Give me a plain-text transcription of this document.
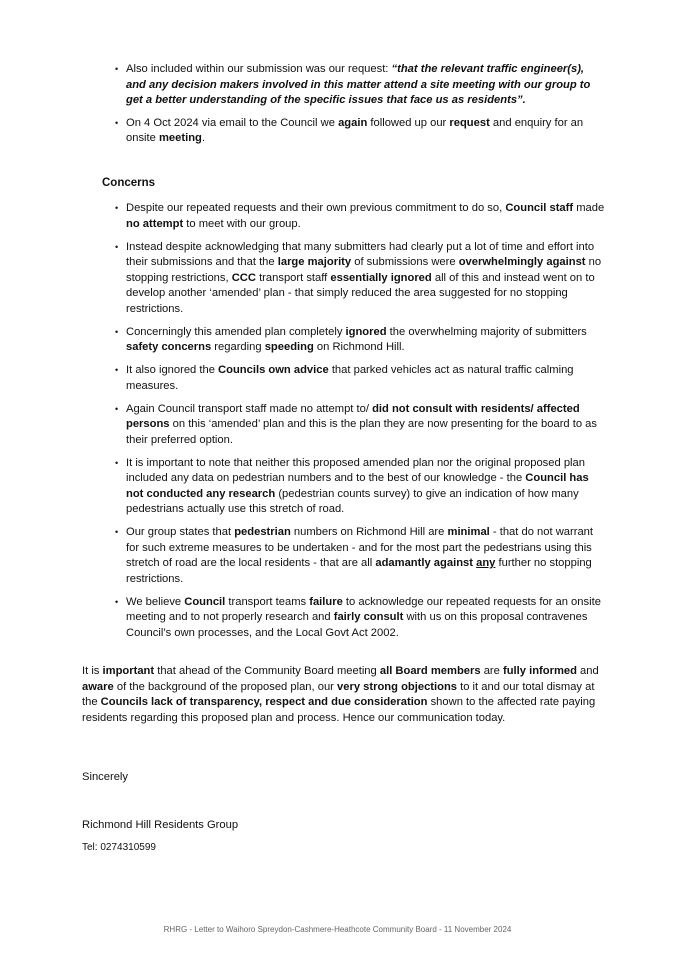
• Also included within our submission was our request: “that the relevant traffic engineer(s), and any decision makers involved in this matter attend a site meeting with our group to get a better understanding of the specific issues that face us as residents”.
• On 4 Oct 2024 via email to the Council we again followed up our request and enquiry for an onsite meeting.
Concerns
• Despite our repeated requests and their own previous commitment to do so, Council staff made no attempt to meet with our group.
• Instead despite acknowledging that many submitters had clearly put a lot of time and effort into their submissions and that the large majority of submissions were overwhelmingly against no stopping restrictions, CCC transport staff essentially ignored all of this and instead went on to develop another ‘amended’ plan - that simply reduced the area suggested for no stopping restrictions.
• Concerningly this amended plan completely ignored the overwhelming majority of submitters safety concerns regarding speeding on Richmond Hill.
• It also ignored the Councils own advice that parked vehicles act as natural traffic calming measures.
• Again Council transport staff made no attempt to/ did not consult with residents/ affected persons on this ‘amended’ plan and this is the plan they are now presenting for the board to as their preferred option.
• It is important to note that neither this proposed amended plan nor the original proposed plan included any data on pedestrian numbers and to the best of our knowledge - the Council has not conducted any research (pedestrian counts survey) to give an indication of how many pedestrians actually use this stretch of road.
• Our group states that pedestrian numbers on Richmond Hill are minimal - that do not warrant for such extreme measures to be undertaken - and for the most part the pedestrians using this stretch of road are the local residents - that are all adamantly against any further no stopping restrictions.
• We believe Council transport teams failure to acknowledge our repeated requests for an onsite meeting and to not properly research and fairly consult with us on this proposal contravenes Council’s own processes, and the Local Govt Act 2002.

It is important that ahead of the Community Board meeting all Board members are fully informed and aware of the background of the proposed plan, our very strong objections to it and our total dismay at the Councils lack of transparency, respect and due consideration shown to the affected rate paying residents regarding this proposed plan and process. Hence our communication today.

Sincerely
Richmond Hill Residents Group
Tel: 0274310599
RHRG - Letter to Waihoro Spreydon-Cashmere-Heathcote Community Board - 11 November 2024
